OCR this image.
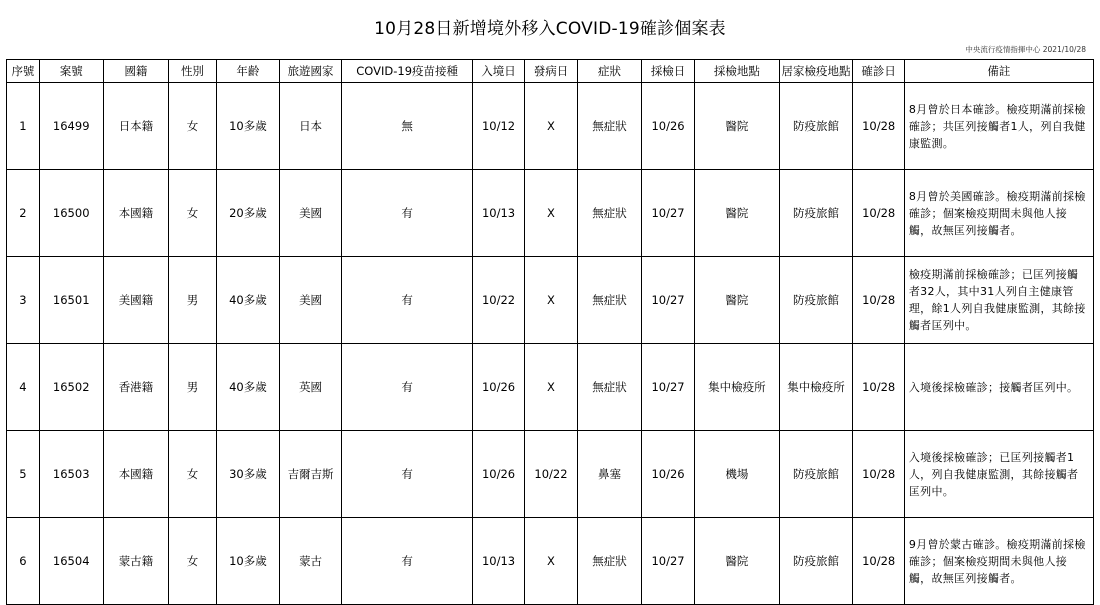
10月28日新增境外移入COVID-19確診個案表
中央流行疫情指揮中心 2021/10/28
序號	案號	國籍	性別	年齡	旅遊國家	COVID-19疫苗接種	入境日	發病日	症狀	採檢日	採檢地點	居家檢疫地點	確診日	備註
1	16499	日本籍	女	10多歲	日本	無	10/12	X	無症狀	10/26	醫院	防疫旅館	10/28	8月曾於日本確診。檢疫期滿前採檢確診；共匡列接觸者1人，列自我健康監測。
2	16500	本國籍	女	20多歲	美國	有	10/13	X	無症狀	10/27	醫院	防疫旅館	10/28	8月曾於美國確診。檢疫期滿前採檢確診；個案檢疫期間未與他人接觸，故無匡列接觸者。
3	16501	美國籍	男	40多歲	美國	有	10/22	X	無症狀	10/27	醫院	防疫旅館	10/28	檢疫期滿前採檢確診；已匡列接觸者32人，其中31人列自主健康管理，餘1人列自我健康監測，其餘接觸者匡列中。
4	16502	香港籍	男	40多歲	英國	有	10/26	X	無症狀	10/27	集中檢疫所	集中檢疫所	10/28	入境後採檢確診；接觸者匡列中。
5	16503	本國籍	女	30多歲	吉爾吉斯	有	10/26	10/22	鼻塞	10/26	機場	防疫旅館	10/28	入境後採檢確診；已匡列接觸者1人，列自我健康監測，其餘接觸者匡列中。
6	16504	蒙古籍	女	10多歲	蒙古	有	10/13	X	無症狀	10/27	醫院	防疫旅館	10/28	9月曾於蒙古確診。檢疫期滿前採檢確診；個案檢疫期間未與他人接觸，故無匡列接觸者。
